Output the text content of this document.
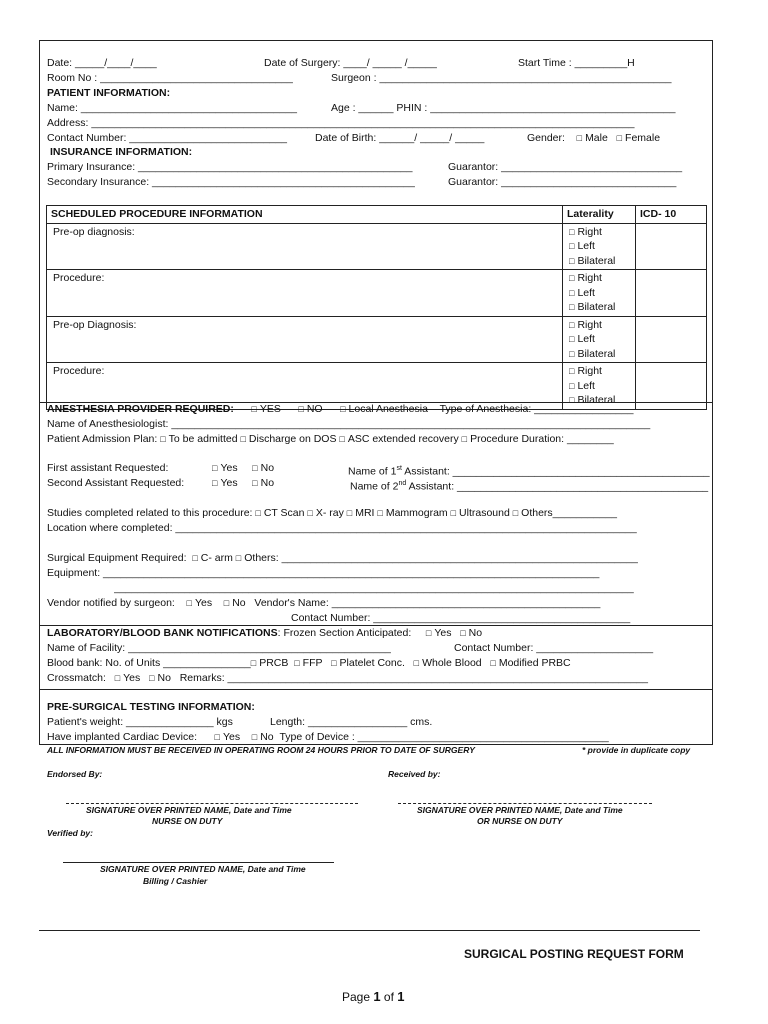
Date: _____/____/____	Date of Surgery: ____/ _____ /_____	Start Time : _________H
Room No : _________________________________	Surgeon : __________________________________________________
PATIENT INFORMATION:
Name: _____________________________________	Age : ______ PHIN : __________________________________________
Address: _____________________________________________________________________________________________
Contact Number: ___________________________	Date of Birth: ______/ _____/ _____	Gender: □ Male □ Female
INSURANCE INFORMATION:
Primary Insurance: _______________________________________________	Guarantor: _______________________________
Secondary Insurance: _____________________________________________	Guarantor: ______________________________
SCHEDULED PROCEDURE INFORMATION	Laterality	ICD- 10
Pre-op diagnosis:	□ Right
□ Left
□ Bilateral

Procedure:	□ Right
□ Left
□ Bilateral

Pre-op Diagnosis:	□ Right
□ Left
□ Bilateral

Procedure:	□ Right
□ Left
□ Bilateral

ANESTHESIA PROVIDER REQUIRED: □ YES □ NO □ Local Anesthesia Type of Anesthesia: _________________
Name of Anesthesiologist: __________________________________________________________________________________
Patient Admission Plan: □ To be admitted □ Discharge on DOS □ ASC extended recovery □ Procedure Duration: ________
First assistant Requested:	□ Yes □ No	Name of 1st Assistant: ____________________________________________
Second Assistant Requested:	□ Yes □ No	Name of 2nd Assistant: ___________________________________________
Studies completed related to this procedure: □ CT Scan □ X- ray □ MRI □ Mammogram □ Ultrasound □ Others___________
Location where completed: _______________________________________________________________________________
Surgical Equipment Required: □ C- arm □ Others: _____________________________________________________________
Equipment: _____________________________________________________________________________________
_________________________________________________________________________________________
Vendor notified by surgeon: □ Yes □ No Vendor's Name: ______________________________________________
Contact Number: ____________________________________________
LABORATORY/BLOOD BANK NOTIFICATIONS: Frozen Section Anticipated: □ Yes □ No
Name of Facility: _____________________________________________	Contact Number: ____________________
Blood bank: No. of Units _______________ □ PRCB □ FFP □ Platelet Conc. □ Whole Blood □ Modified PRBC
Crossmatch: □ Yes □ No Remarks: ________________________________________________________________________
PRE-SURGICAL TESTING INFORMATION:
Patient's weight: _______________ kgs	Length: _________________ cms.
Have implanted Cardiac Device: □ Yes □ No Type of Device : ___________________________________________
ALL INFORMATION MUST BE RECEIVED IN OPERATING ROOM 24 HOURS PRIOR TO DATE OF SURGERY	* provide in duplicate copy
Endorsed By:	Received by:
SIGNATURE OVER PRINTED NAME, Date and Time
NURSE ON DUTY
SIGNATURE OVER PRINTED NAME, Date and Time
OR NURSE ON DUTY
Verified by:
SIGNATURE OVER PRINTED NAME, Date and Time
Billing / Cashier
SURGICAL POSTING REQUEST FORM
Page 1 of 1
